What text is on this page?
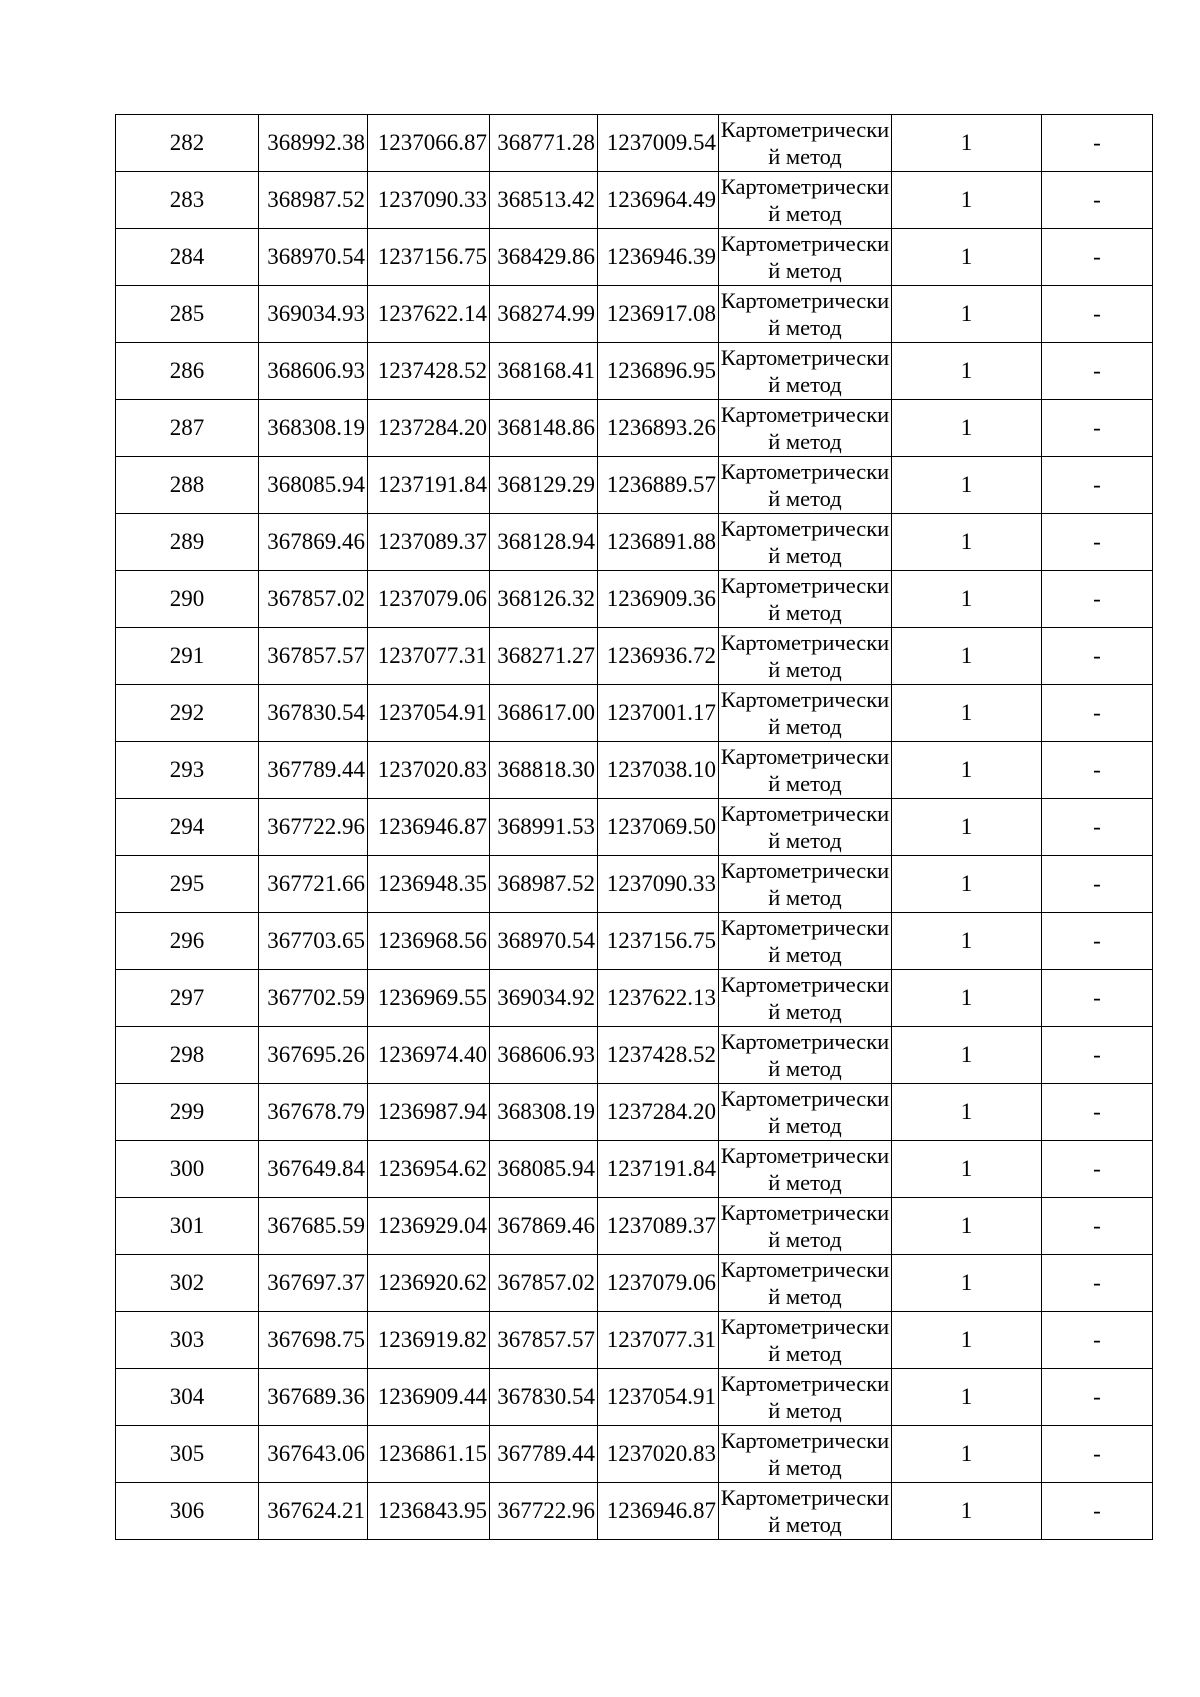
282	368992.38	1237066.87	368771.28	1237009.54	Картометрический метод	1	-
283	368987.52	1237090.33	368513.42	1236964.49	Картометрический метод	1	-
284	368970.54	1237156.75	368429.86	1236946.39	Картометрический метод	1	-
285	369034.93	1237622.14	368274.99	1236917.08	Картометрический метод	1	-
286	368606.93	1237428.52	368168.41	1236896.95	Картометрический метод	1	-
287	368308.19	1237284.20	368148.86	1236893.26	Картометрический метод	1	-
288	368085.94	1237191.84	368129.29	1236889.57	Картометрический метод	1	-
289	367869.46	1237089.37	368128.94	1236891.88	Картометрический метод	1	-
290	367857.02	1237079.06	368126.32	1236909.36	Картометрический метод	1	-
291	367857.57	1237077.31	368271.27	1236936.72	Картометрический метод	1	-
292	367830.54	1237054.91	368617.00	1237001.17	Картометрический метод	1	-
293	367789.44	1237020.83	368818.30	1237038.10	Картометрический метод	1	-
294	367722.96	1236946.87	368991.53	1237069.50	Картометрический метод	1	-
295	367721.66	1236948.35	368987.52	1237090.33	Картометрический метод	1	-
296	367703.65	1236968.56	368970.54	1237156.75	Картометрический метод	1	-
297	367702.59	1236969.55	369034.92	1237622.13	Картометрический метод	1	-
298	367695.26	1236974.40	368606.93	1237428.52	Картометрический метод	1	-
299	367678.79	1236987.94	368308.19	1237284.20	Картометрический метод	1	-
300	367649.84	1236954.62	368085.94	1237191.84	Картометрический метод	1	-
301	367685.59	1236929.04	367869.46	1237089.37	Картометрический метод	1	-
302	367697.37	1236920.62	367857.02	1237079.06	Картометрический метод	1	-
303	367698.75	1236919.82	367857.57	1237077.31	Картометрический метод	1	-
304	367689.36	1236909.44	367830.54	1237054.91	Картометрический метод	1	-
305	367643.06	1236861.15	367789.44	1237020.83	Картометрический метод	1	-
306	367624.21	1236843.95	367722.96	1236946.87	Картометрический метод	1	-
